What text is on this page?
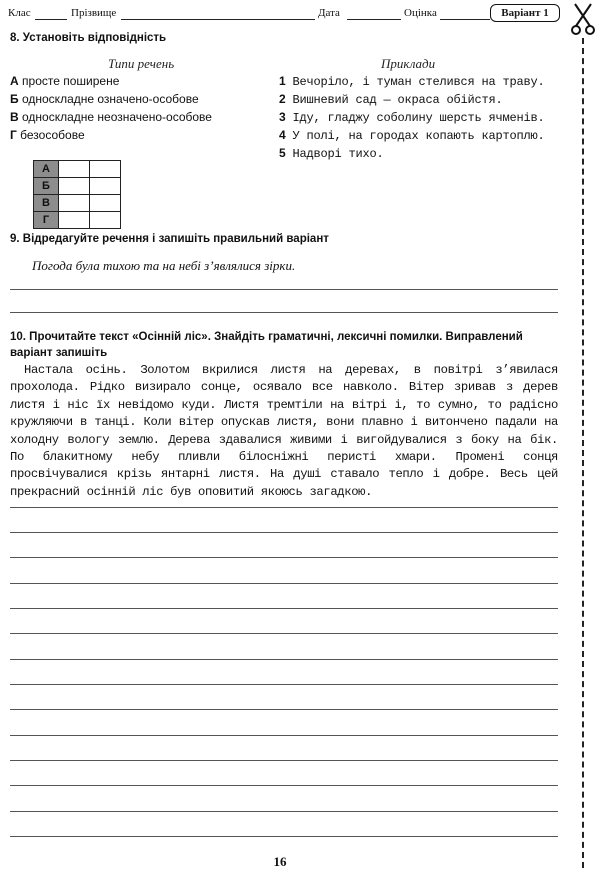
Клас	Прізвище	Дата	Оцінка	Варіант 1
8. Установіть відповідність
Типи речень	Приклади
А просте поширене
Б односкладне означено-особове
В односкладне неозначено-особове
Г безособове
1 Вечоріло, і туман стелився на траву.
2 Вишневий сад — окраса обійстя.
3 Іду, гладжу соболину шерсть ячменів.
4 У полі, на городах копають картоплю.
5 Надворі тихо.
А		
Б		
В		
Г		
9. Відредагуйте речення і запишіть правильний варіант
Погода була тихою та на небі з’являлися зірки.
10. Прочитайте текст «Осінній ліс». Знайдіть граматичні, лексичні помилки. Виправлений варіант запишіть
Настала осінь. Золотом вкрилися листя на деревах, в повітрі з’явилася прохолода. Рідко визирало сонце, осявало все навколо. Вітер зривав з дерев листя і ніс їх невідомо куди. Листя тремтіли на вітрі і, то сумно, то радісно кружляючи в танці. Коли вітер опускав листя, вони плавно і витончено падали на холодну вологу землю. Дерева здавалися живими і вигойдувалися з боку на бік. По блакитному небу пливли білосніжні перисті хмари. Промені сонця просвічувалися крізь янтарні листя. На душі ставало тепло і добре. Весь цей прекрасний осінній ліс був оповитий якоюсь загадкою.
16
